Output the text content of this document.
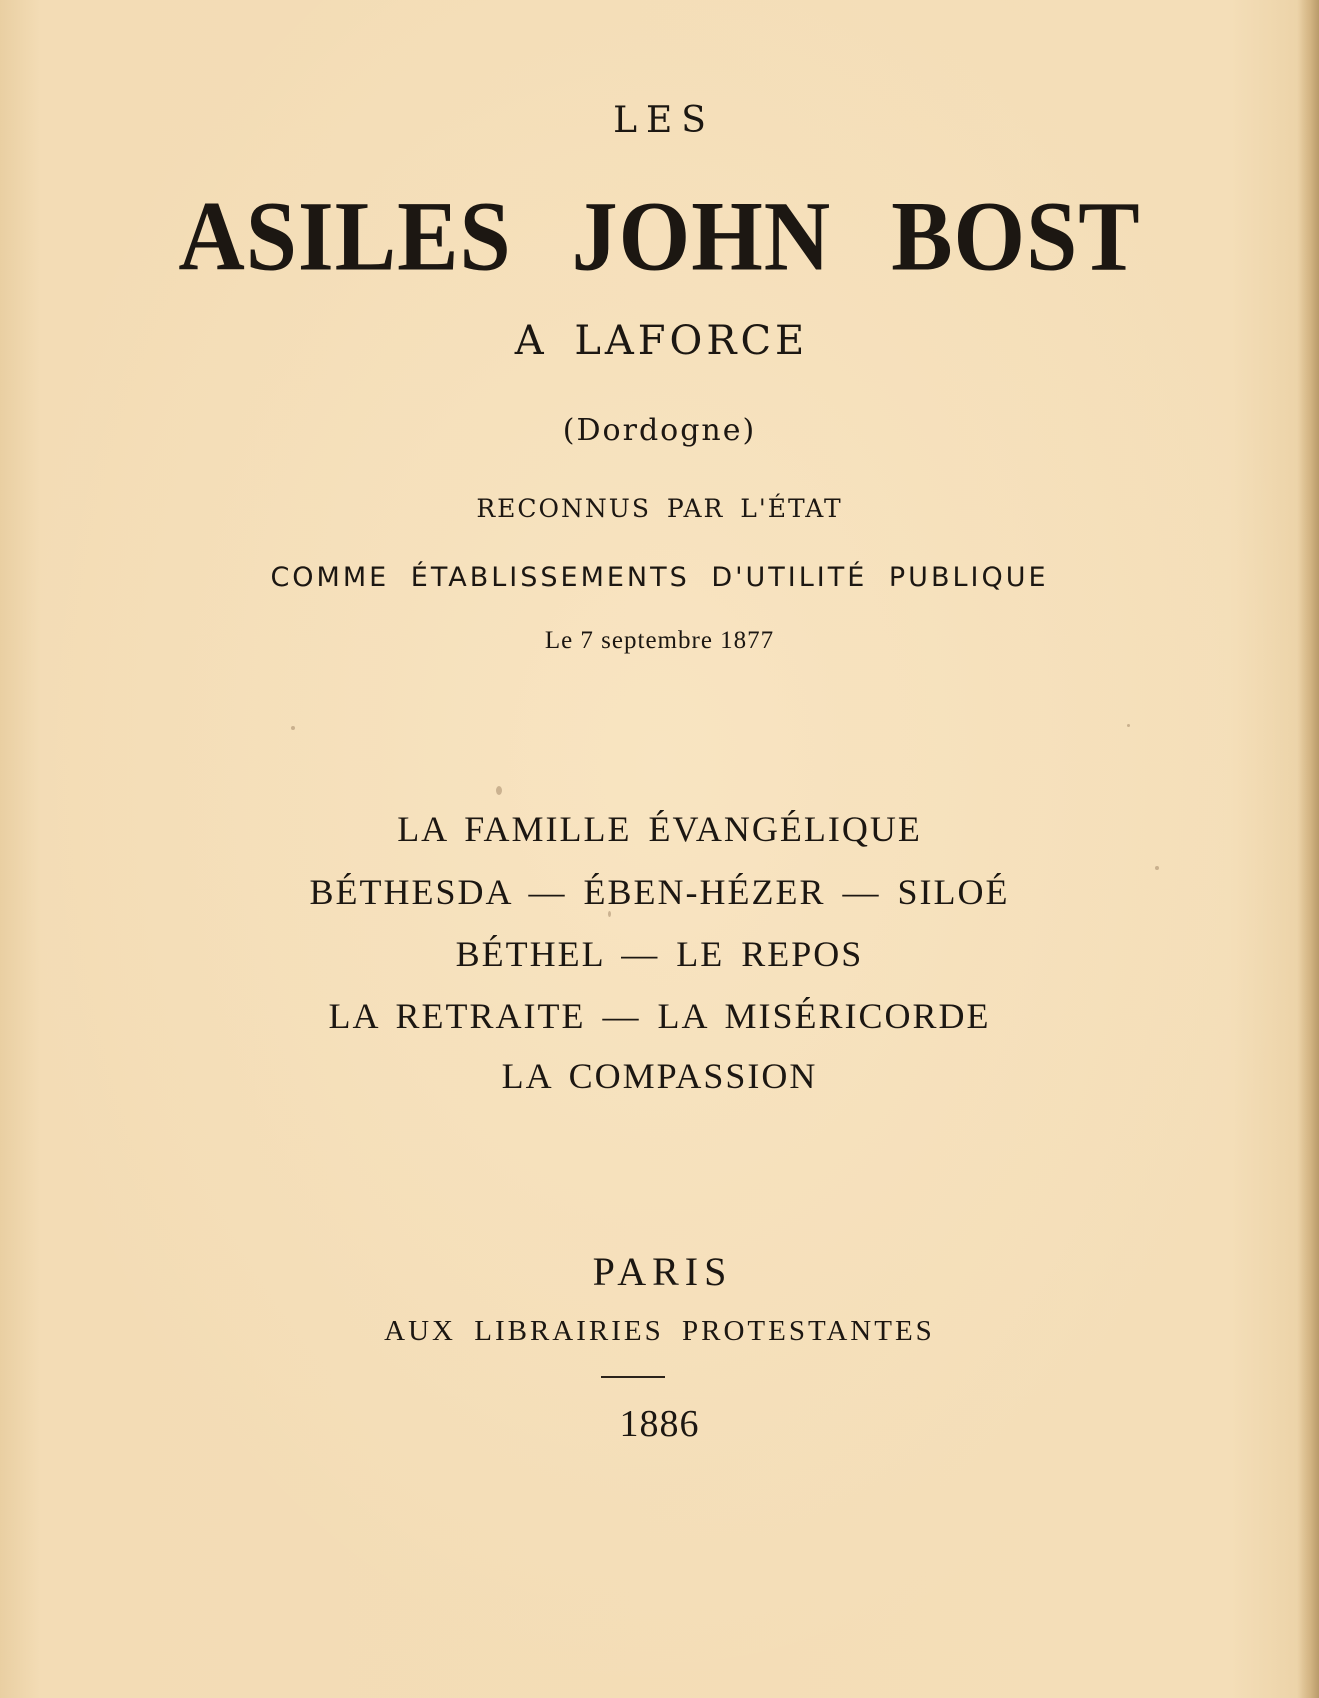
LES

ASILES JOHN BOST

A LAFORCE

(Dordogne)

RECONNUS PAR L'ÉTAT

COMME ÉTABLISSEMENTS D'UTILITÉ PUBLIQUE

Le 7 septembre 1877

LA FAMILLE ÉVANGÉLIQUE

BÉTHESDA — ÉBEN-HÉZER — SILOÉ

BÉTHEL — LE REPOS

LA RETRAITE — LA MISÉRICORDE

LA COMPASSION

PARIS

AUX LIBRAIRIES PROTESTANTES

1886
